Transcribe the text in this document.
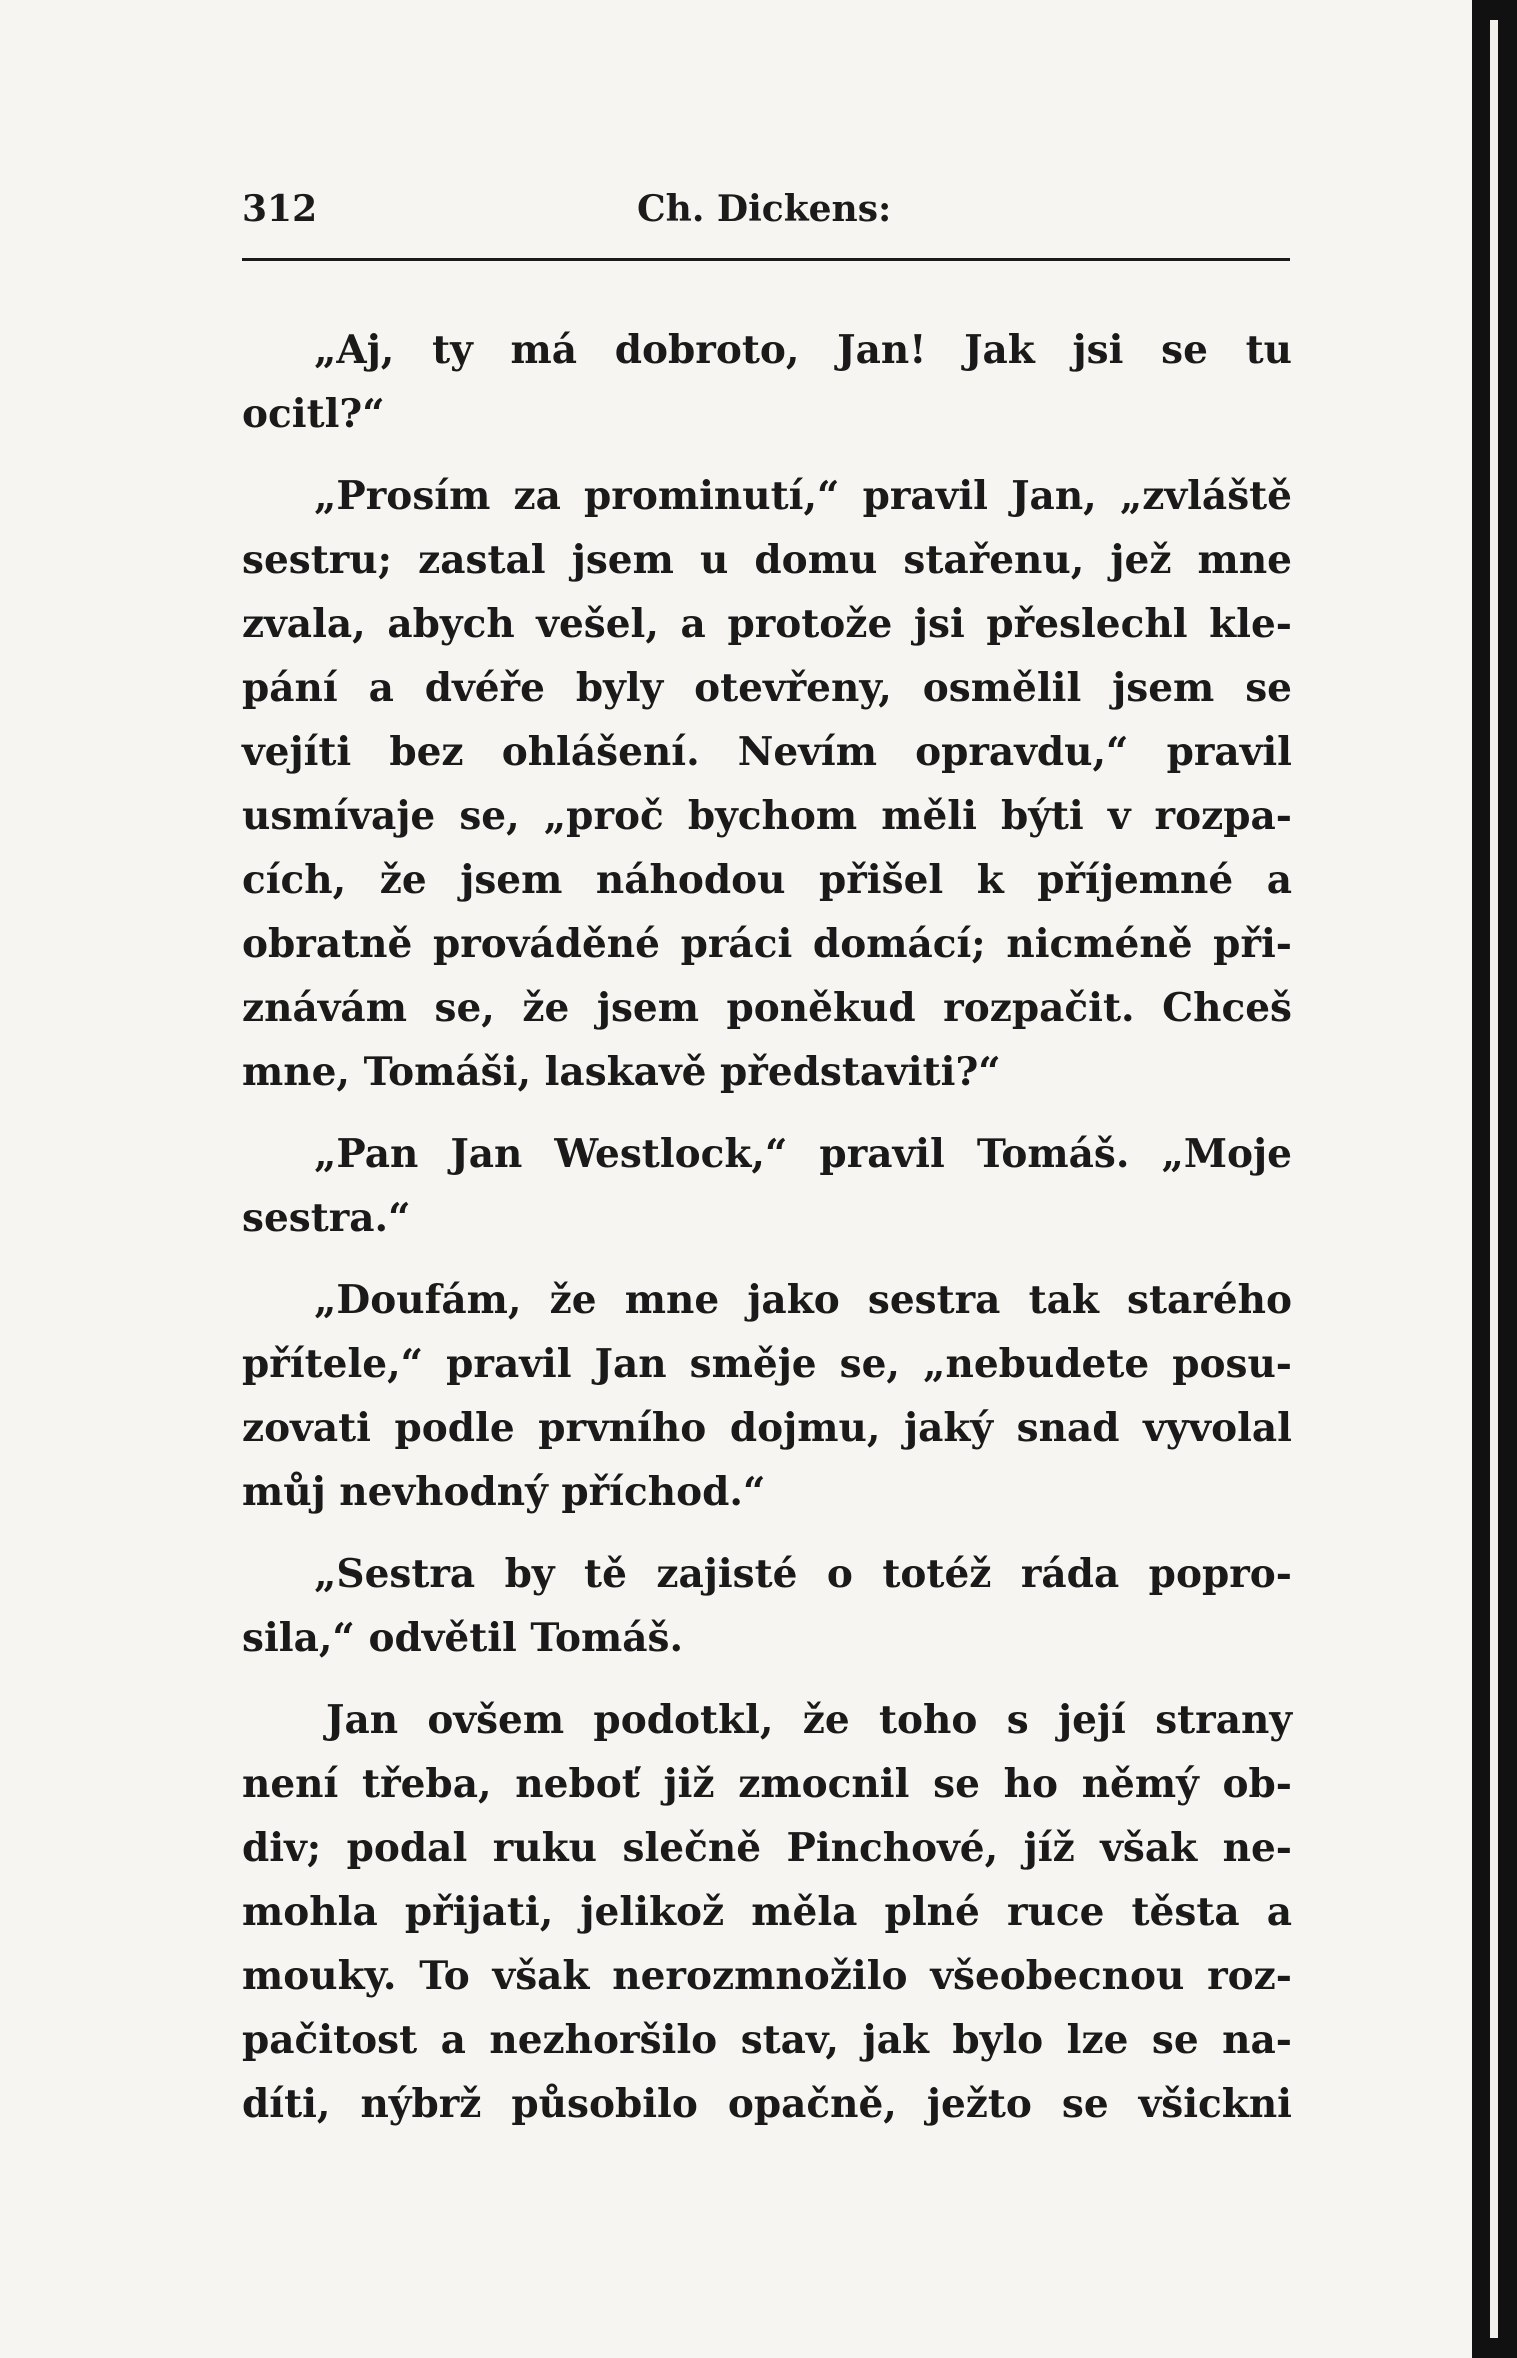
312	Ch. Dickens:
„Aj, ty má dobroto, Jan! Jak jsi se tu
ocitl?“
„Prosím za prominutí,“ pravil Jan, „zvláště
sestru; zastal jsem u domu stařenu, jež mne
zvala, abych vešel, a protože jsi přeslechl kle-
pání a dvéře byly otevřeny, osmělil jsem se
vejíti bez ohlášení. Nevím opravdu,“ pravil
usmívaje se, „proč bychom měli býti v rozpa-
cích, že jsem náhodou přišel k příjemné a
obratně prováděné práci domácí; nicméně při-
znávám se, že jsem poněkud rozpačit. Chceš
mne, Tomáši, laskavě představiti?“
„Pan Jan Westlock,“ pravil Tomáš. „Moje
sestra.“
„Doufám, že mne jako sestra tak starého
přítele,“ pravil Jan směje se, „nebudete posu-
zovati podle prvního dojmu, jaký snad vyvolal
můj nevhodný příchod.“
„Sestra by tě zajisté o totéž ráda popro-
sila,“ odvětil Tomáš.
Jan ovšem podotkl, že toho s její strany
není třeba, neboť již zmocnil se ho němý ob-
div; podal ruku slečně Pinchové, jíž však ne-
mohla přijati, jelikož měla plné ruce těsta a
mouky. To však nerozmnožilo všeobecnou roz-
pačitost a nezhoršilo stav, jak bylo lze se na-
díti, nýbrž působilo opačně, ježto se všickni
